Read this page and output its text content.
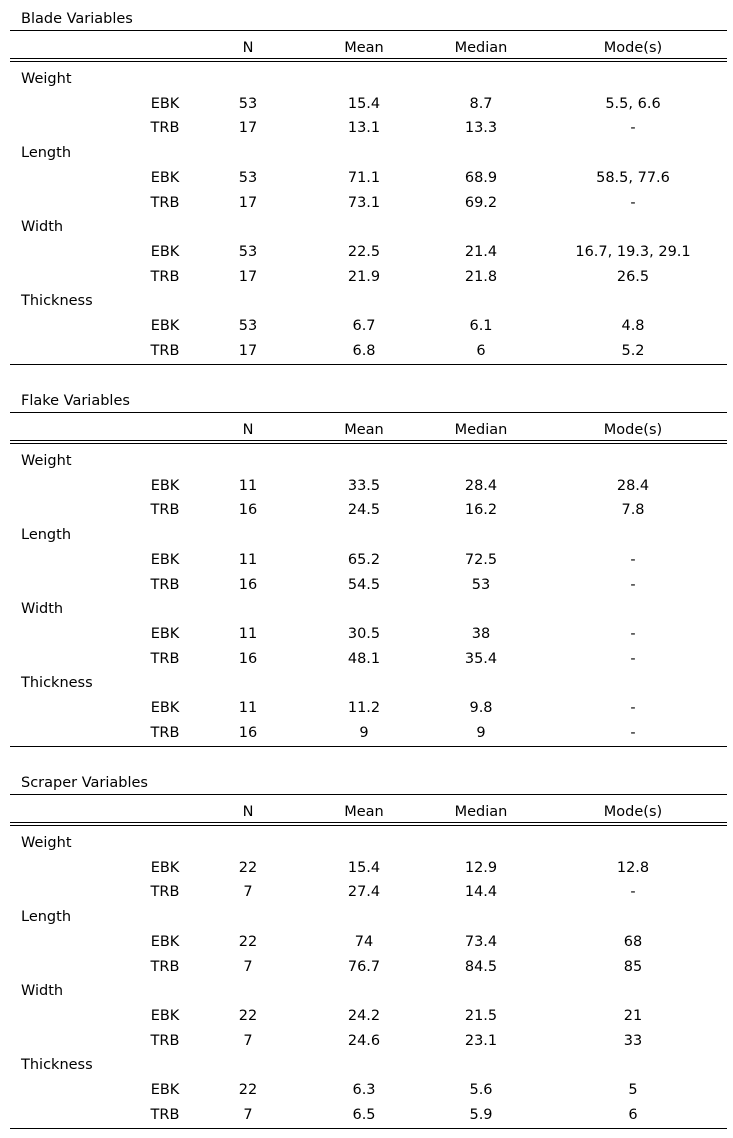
Blade Variables
N	Mean	Median	Mode(s)
Weight
EBK	53	15.4	8.7	5.5, 6.6
TRB	17	13.1	13.3	-
Length
EBK	53	71.1	68.9	58.5, 77.6
TRB	17	73.1	69.2	-
Width
EBK	53	22.5	21.4	16.7, 19.3, 29.1
TRB	17	21.9	21.8	26.5
Thickness
EBK	53	6.7	6.1	4.8
TRB	17	6.8	6	5.2
Flake Variables
N	Mean	Median	Mode(s)
Weight
EBK	11	33.5	28.4	28.4
TRB	16	24.5	16.2	7.8
Length
EBK	11	65.2	72.5	-
TRB	16	54.5	53	-
Width
EBK	11	30.5	38	-
TRB	16	48.1	35.4	-
Thickness
EBK	11	11.2	9.8	-
TRB	16	9	9	-
Scraper Variables
N	Mean	Median	Mode(s)
Weight
EBK	22	15.4	12.9	12.8
TRB	7	27.4	14.4	-
Length
EBK	22	74	73.4	68
TRB	7	76.7	84.5	85
Width
EBK	22	24.2	21.5	21
TRB	7	24.6	23.1	33
Thickness
EBK	22	6.3	5.6	5
TRB	7	6.5	5.9	6
